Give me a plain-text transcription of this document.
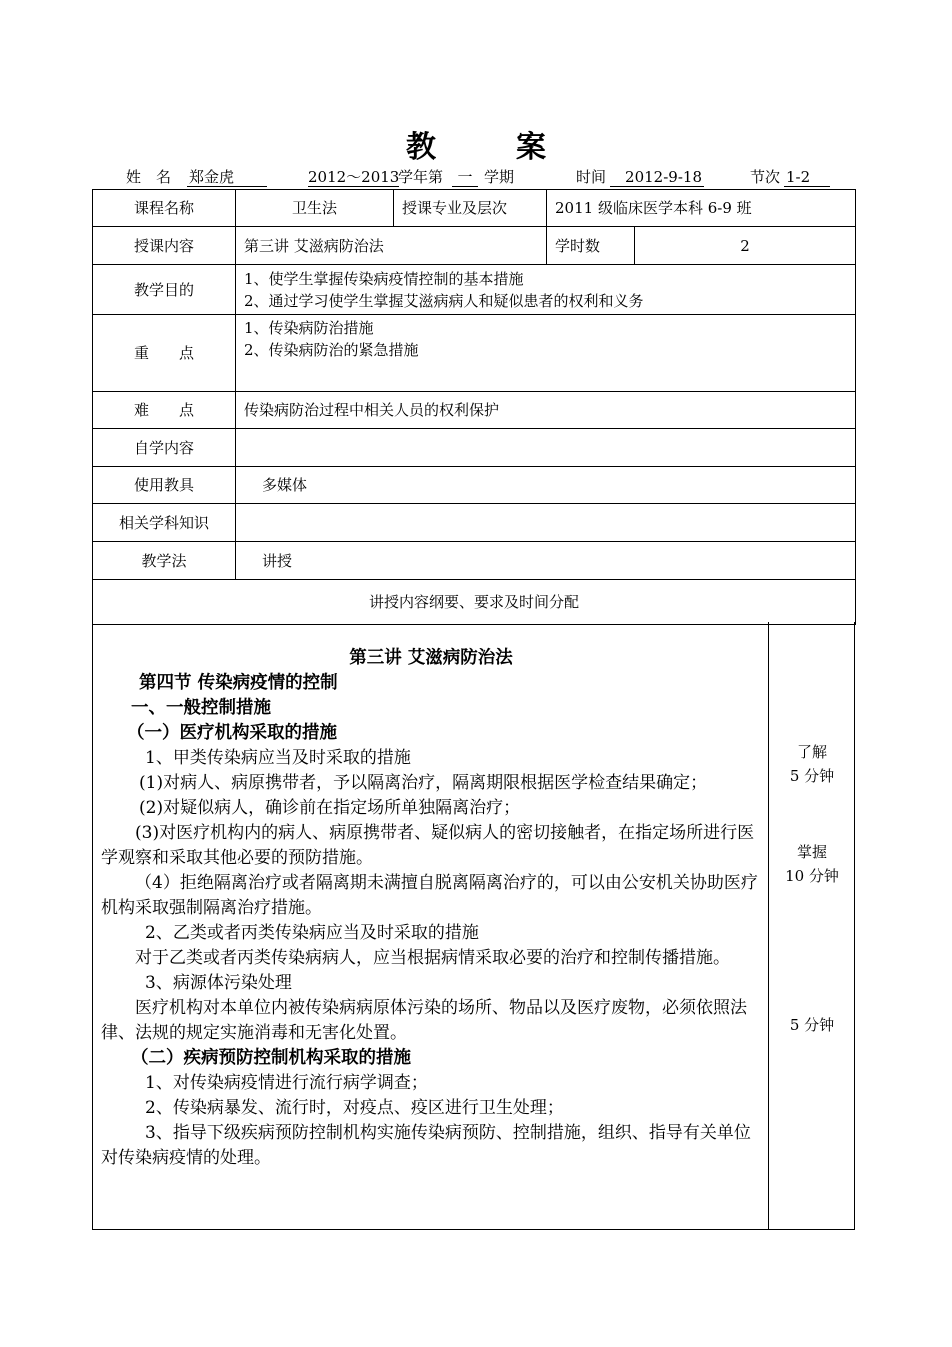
教	案
姓　名 郑金虎	2012～2013
学年第 一 学期	时间	2012-9-18	节次 1-2
课程名称	卫生法	授课专业及层次	2011 级临床医学本科 6-9 班	
授课内容	第三讲 艾滋病防治法		学时数	2
教学目的	1、使学生掌握传染病疫情控制的基本措施
2、通过学习使学生掌握艾滋病病人和疑似患者的权利和义务			

重　　点	1、传染病防治措施
2、传染病防治的紧急措施			

难　　点	传染病防治过程中相关人员的权利保护			
自学内容				
使用教具	多媒体			
相关学科知识				
教学法	讲授			
讲授内容纲要、要求及时间分配				

第三讲 艾滋病防治法

第四节 传染病疫情的控制

一、一般控制措施

（一）医疗机构采取的措施

1、甲类传染病应当及时采取的措施

(1)对病人、病原携带者，予以隔离治疗，隔离期限根据医学检查结果确定；

(2)对疑似病人，确诊前在指定场所单独隔离治疗；

(3)对医疗机构内的病人、病原携带者、疑似病人的密切接触者，在指定场所进行医学观察和采取其他必要的预防措施。

（4）拒绝隔离治疗或者隔离期未满擅自脱离隔离治疗的，可以由公安机关协助医疗机构采取强制隔离治疗措施。

2、乙类或者丙类传染病应当及时采取的措施

对于乙类或者丙类传染病病人，应当根据病情采取必要的治疗和控制传播措施。

3、病源体污染处理

医疗机构对本单位内被传染病病原体污染的场所、物品以及医疗废物，必须依照法律、法规的规定实施消毒和无害化处置。

（二）疾病预防控制机构采取的措施

1、对传染病疫情进行流行病学调查；

2、传染病暴发、流行时，对疫点、疫区进行卫生处理；

3、指导下级疾病预防控制机构实施传染病预防、控制措施，组织、指导有关单位对传染病疫情的处理。

了解
5 分钟
掌握
10 分钟
5 分钟
